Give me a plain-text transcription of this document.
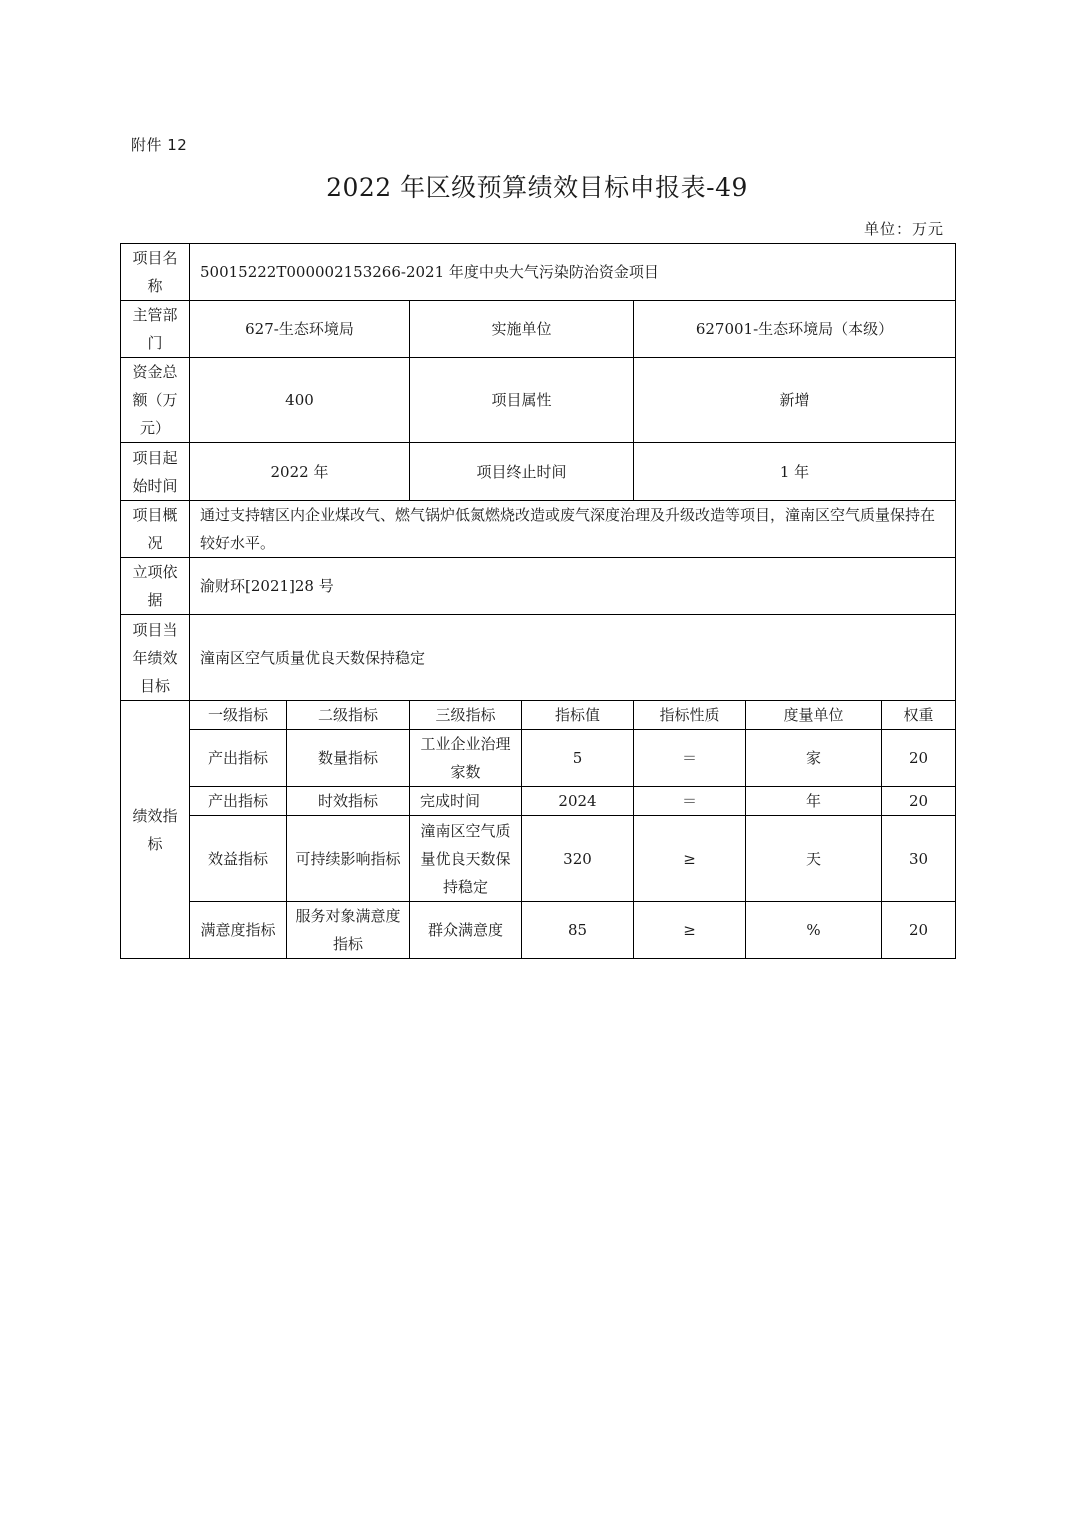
附件 12
2022 年区级预算绩效目标申报表-49
单位：万元
项目名称	50015222T000002153266-2021 年度中央大气污染防治资金项目						
主管部门	627-生态环境局		实施单位		627001-生态环境局（本级）		
资金总额（万元）	400		项目属性		新增		
项目起始时间	2022 年		项目终止时间		1 年		
项目概况	通过支持辖区内企业煤改气、燃气锅炉低氮燃烧改造或废气深度治理及升级改造等项目，潼南区空气质量保持在较好水平。						
立项依据	渝财环[2021]28 号						
项目当年绩效目标	潼南区空气质量优良天数保持稳定						
绩效指标	一级指标	二级指标	三级指标	指标值	指标性质	度量单位	权重
	产出指标	数量指标	工业企业治理家数	5	＝	家	20
	产出指标	时效指标	完成时间	2024	＝	年	20
	效益指标	可持续影响指标	潼南区空气质量优良天数保持稳定	320	≥	天	30
	满意度指标	服务对象满意度指标	群众满意度	85	≥	%	20
